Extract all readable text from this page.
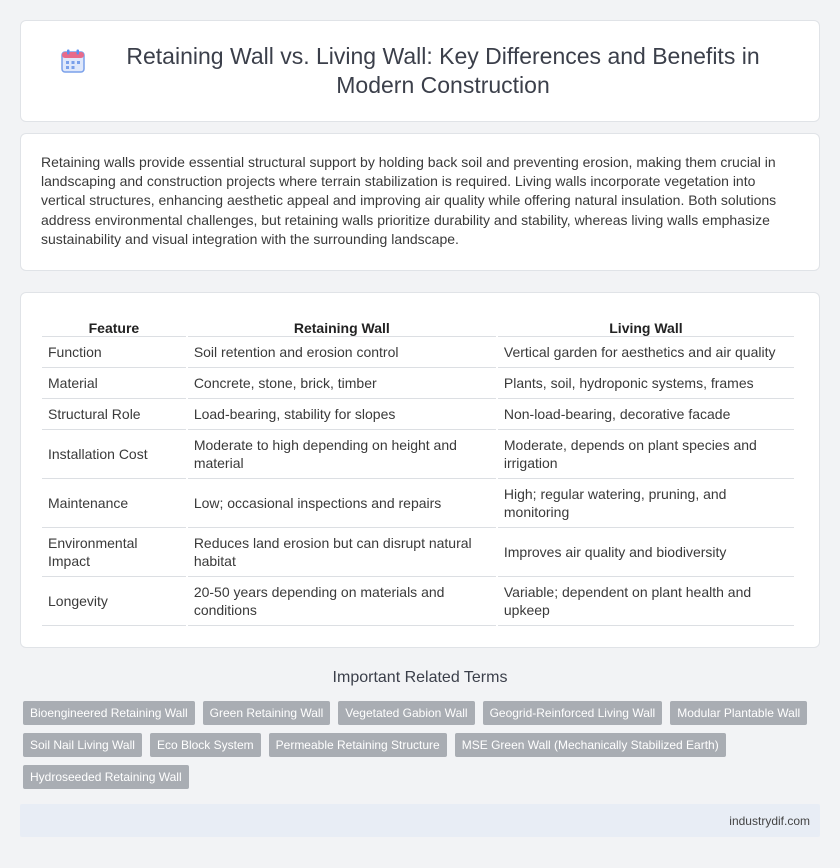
Retaining Wall vs. Living Wall: Key Differences and Benefits in Modern Construction

Retaining walls provide essential structural support by holding back soil and preventing erosion, making them crucial in landscaping and construction projects where terrain stabilization is required. Living walls incorporate vegetation into vertical structures, enhancing aesthetic appeal and improving air quality while offering natural insulation. Both solutions address environmental challenges, but retaining walls prioritize durability and stability, whereas living walls emphasize sustainability and visual integration with the surrounding landscape.

Feature	Retaining Wall	Living Wall
Function	Soil retention and erosion control	Vertical garden for aesthetics and air quality
Material	Concrete, stone, brick, timber	Plants, soil, hydroponic systems, frames
Structural Role	Load-bearing, stability for slopes	Non-load-bearing, decorative facade
Installation Cost	Moderate to high depending on height and material	Moderate, depends on plant species and irrigation
Maintenance	Low; occasional inspections and repairs	High; regular watering, pruning, and monitoring
Environmental Impact	Reduces land erosion but can disrupt natural habitat	Improves air quality and biodiversity
Longevity	20-50 years depending on materials and conditions	Variable; dependent on plant health and upkeep
Important Related Terms
Bioengineered Retaining Wall	Green Retaining Wall	Vegetated Gabion Wall	Geogrid-Reinforced Living Wall	Modular Plantable Wall
Soil Nail Living Wall	Eco Block System	Permeable Retaining Structure	MSE Green Wall (Mechanically Stabilized Earth)
Hydroseeded Retaining Wall
industrydif.com
